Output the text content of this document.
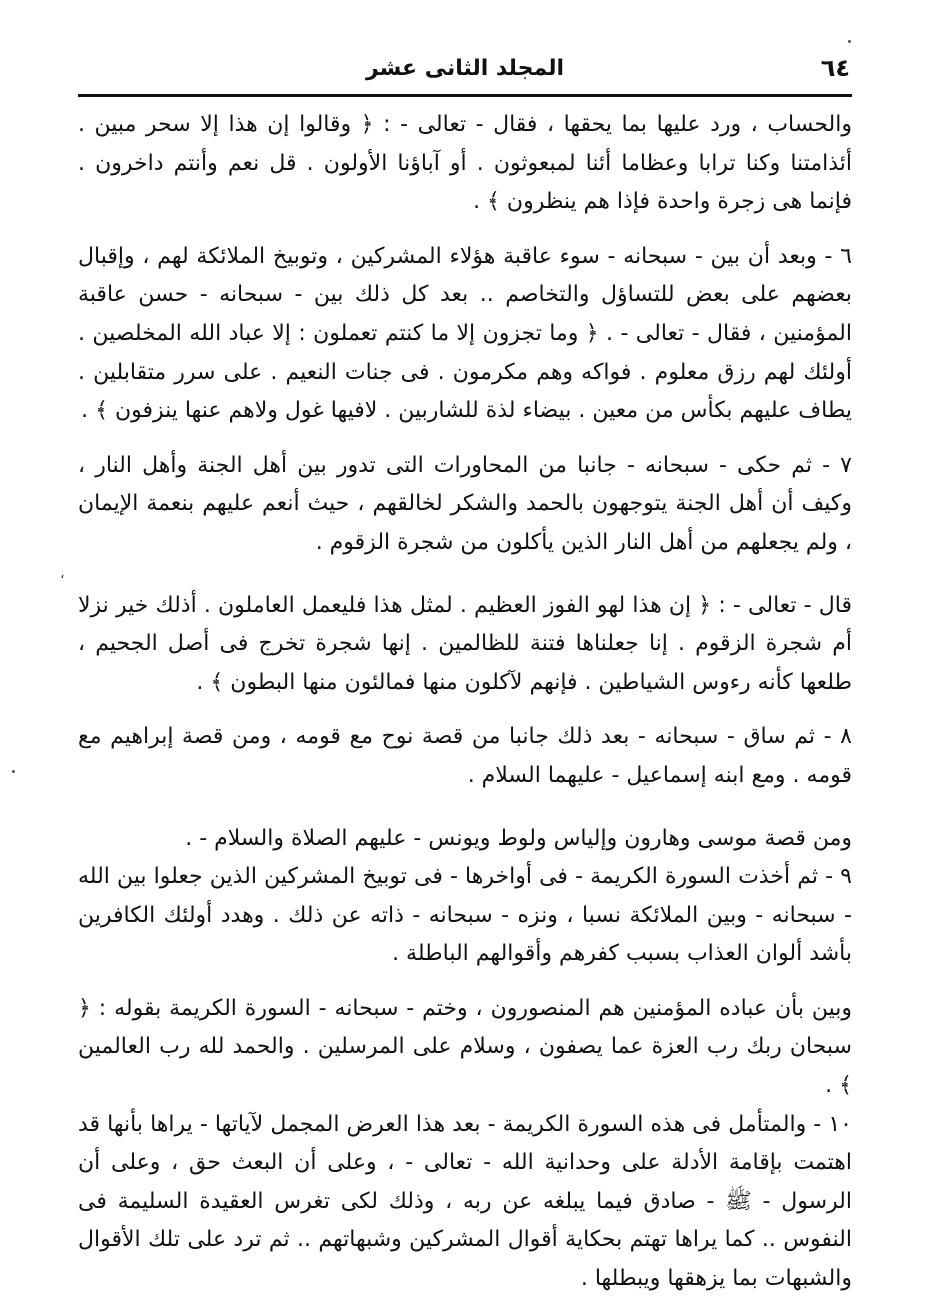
٦٤
المجلد الثانى عشر
،

والحساب ، ورد عليها بما يحقها ، فقال - تعالى - : ﴿ وقالوا إن هذا إلا سحر مبين . أئذامتنا وكنا ترابا وعظاما أئنا لمبعوثون . أو آباؤنا الأولون . قل نعم وأنتم داخرون . فإنما هى زجرة واحدة فإذا هم ينظرون ﴾ .

٦ - وبعد أن بين - سبحانه - سوء عاقبة هؤلاء المشركين ، وتوبيخ الملائكة لهم ، وإقبال بعضهم على بعض للتساؤل والتخاصم .. بعد كل ذلك بين - سبحانه - حسن عاقبة المؤمنين ، فقال - تعالى - . ﴿ وما تجزون إلا ما كنتم تعملون : إلا عباد الله المخلصين . أولئك لهم رزق معلوم . فواكه وهم مكرمون . فى جنات النعيم . على سرر متقابلين . يطاف عليهم بكأس من معين . بيضاء لذة للشاربين . لافيها غول ولاهم عنها ينزفون ﴾ .

٧ - ثم حكى - سبحانه - جانبا من المحاورات التى تدور بين أهل الجنة وأهل النار ، وكيف أن أهل الجنة يتوجهون بالحمد والشكر لخالقهم ، حيث أنعم عليهم بنعمة الإيمان ، ولم يجعلهم من أهل النار الذين يأكلون من شجرة الزقوم .

قال - تعالى - : ﴿ إن هذا لهو الفوز العظيم . لمثل هذا فليعمل العاملون . أذلك خير نزلا أم شجرة الزقوم . إنا جعلناها فتنة للظالمين . إنها شجرة تخرج فى أصل الجحيم ، طلعها كأنه رءوس الشياطين . فإنهم لآكلون منها فمالئون منها البطون ﴾ .

٨ - ثم ساق - سبحانه - بعد ذلك جانبا من قصة نوح مع قومه ، ومن قصة إبراهيم مع قومه . ومع ابنه إسماعيل - عليهما السلام .

ومن قصة موسى وهارون وإلياس ولوط ويونس - عليهم الصلاة والسلام - .

٩ - ثم أخذت السورة الكريمة - فى أواخرها - فى توبيخ المشركين الذين جعلوا بين الله - سبحانه - وبين الملائكة نسبا ، ونزه - سبحانه - ذاته عن ذلك . وهدد أولئك الكافرين بأشد ألوان العذاب بسبب كفرهم وأقوالهم الباطلة .

وبين بأن عباده المؤمنين هم المنصورون ، وختم - سبحانه - السورة الكريمة بقوله : ﴿ سبحان ربك رب العزة عما يصفون ، وسلام على المرسلين . والحمد لله رب العالمين ﴾ .

١٠ - والمتأمل فى هذه السورة الكريمة - بعد هذا العرض المجمل لآياتها - يراها بأنها قد اهتمت بإقامة الأدلة على وحدانية الله - تعالى - ، وعلى أن البعث حق ، وعلى أن الرسول - ﷺ - صادق فيما يبلغه عن ربه ، وذلك لكى تغرس العقيدة السليمة فى النفوس .. كما يراها تهتم بحكاية أقوال المشركين وشبهاتهم .. ثم ترد على تلك الأقوال والشبهات بما يزهقها ويبطلها .
